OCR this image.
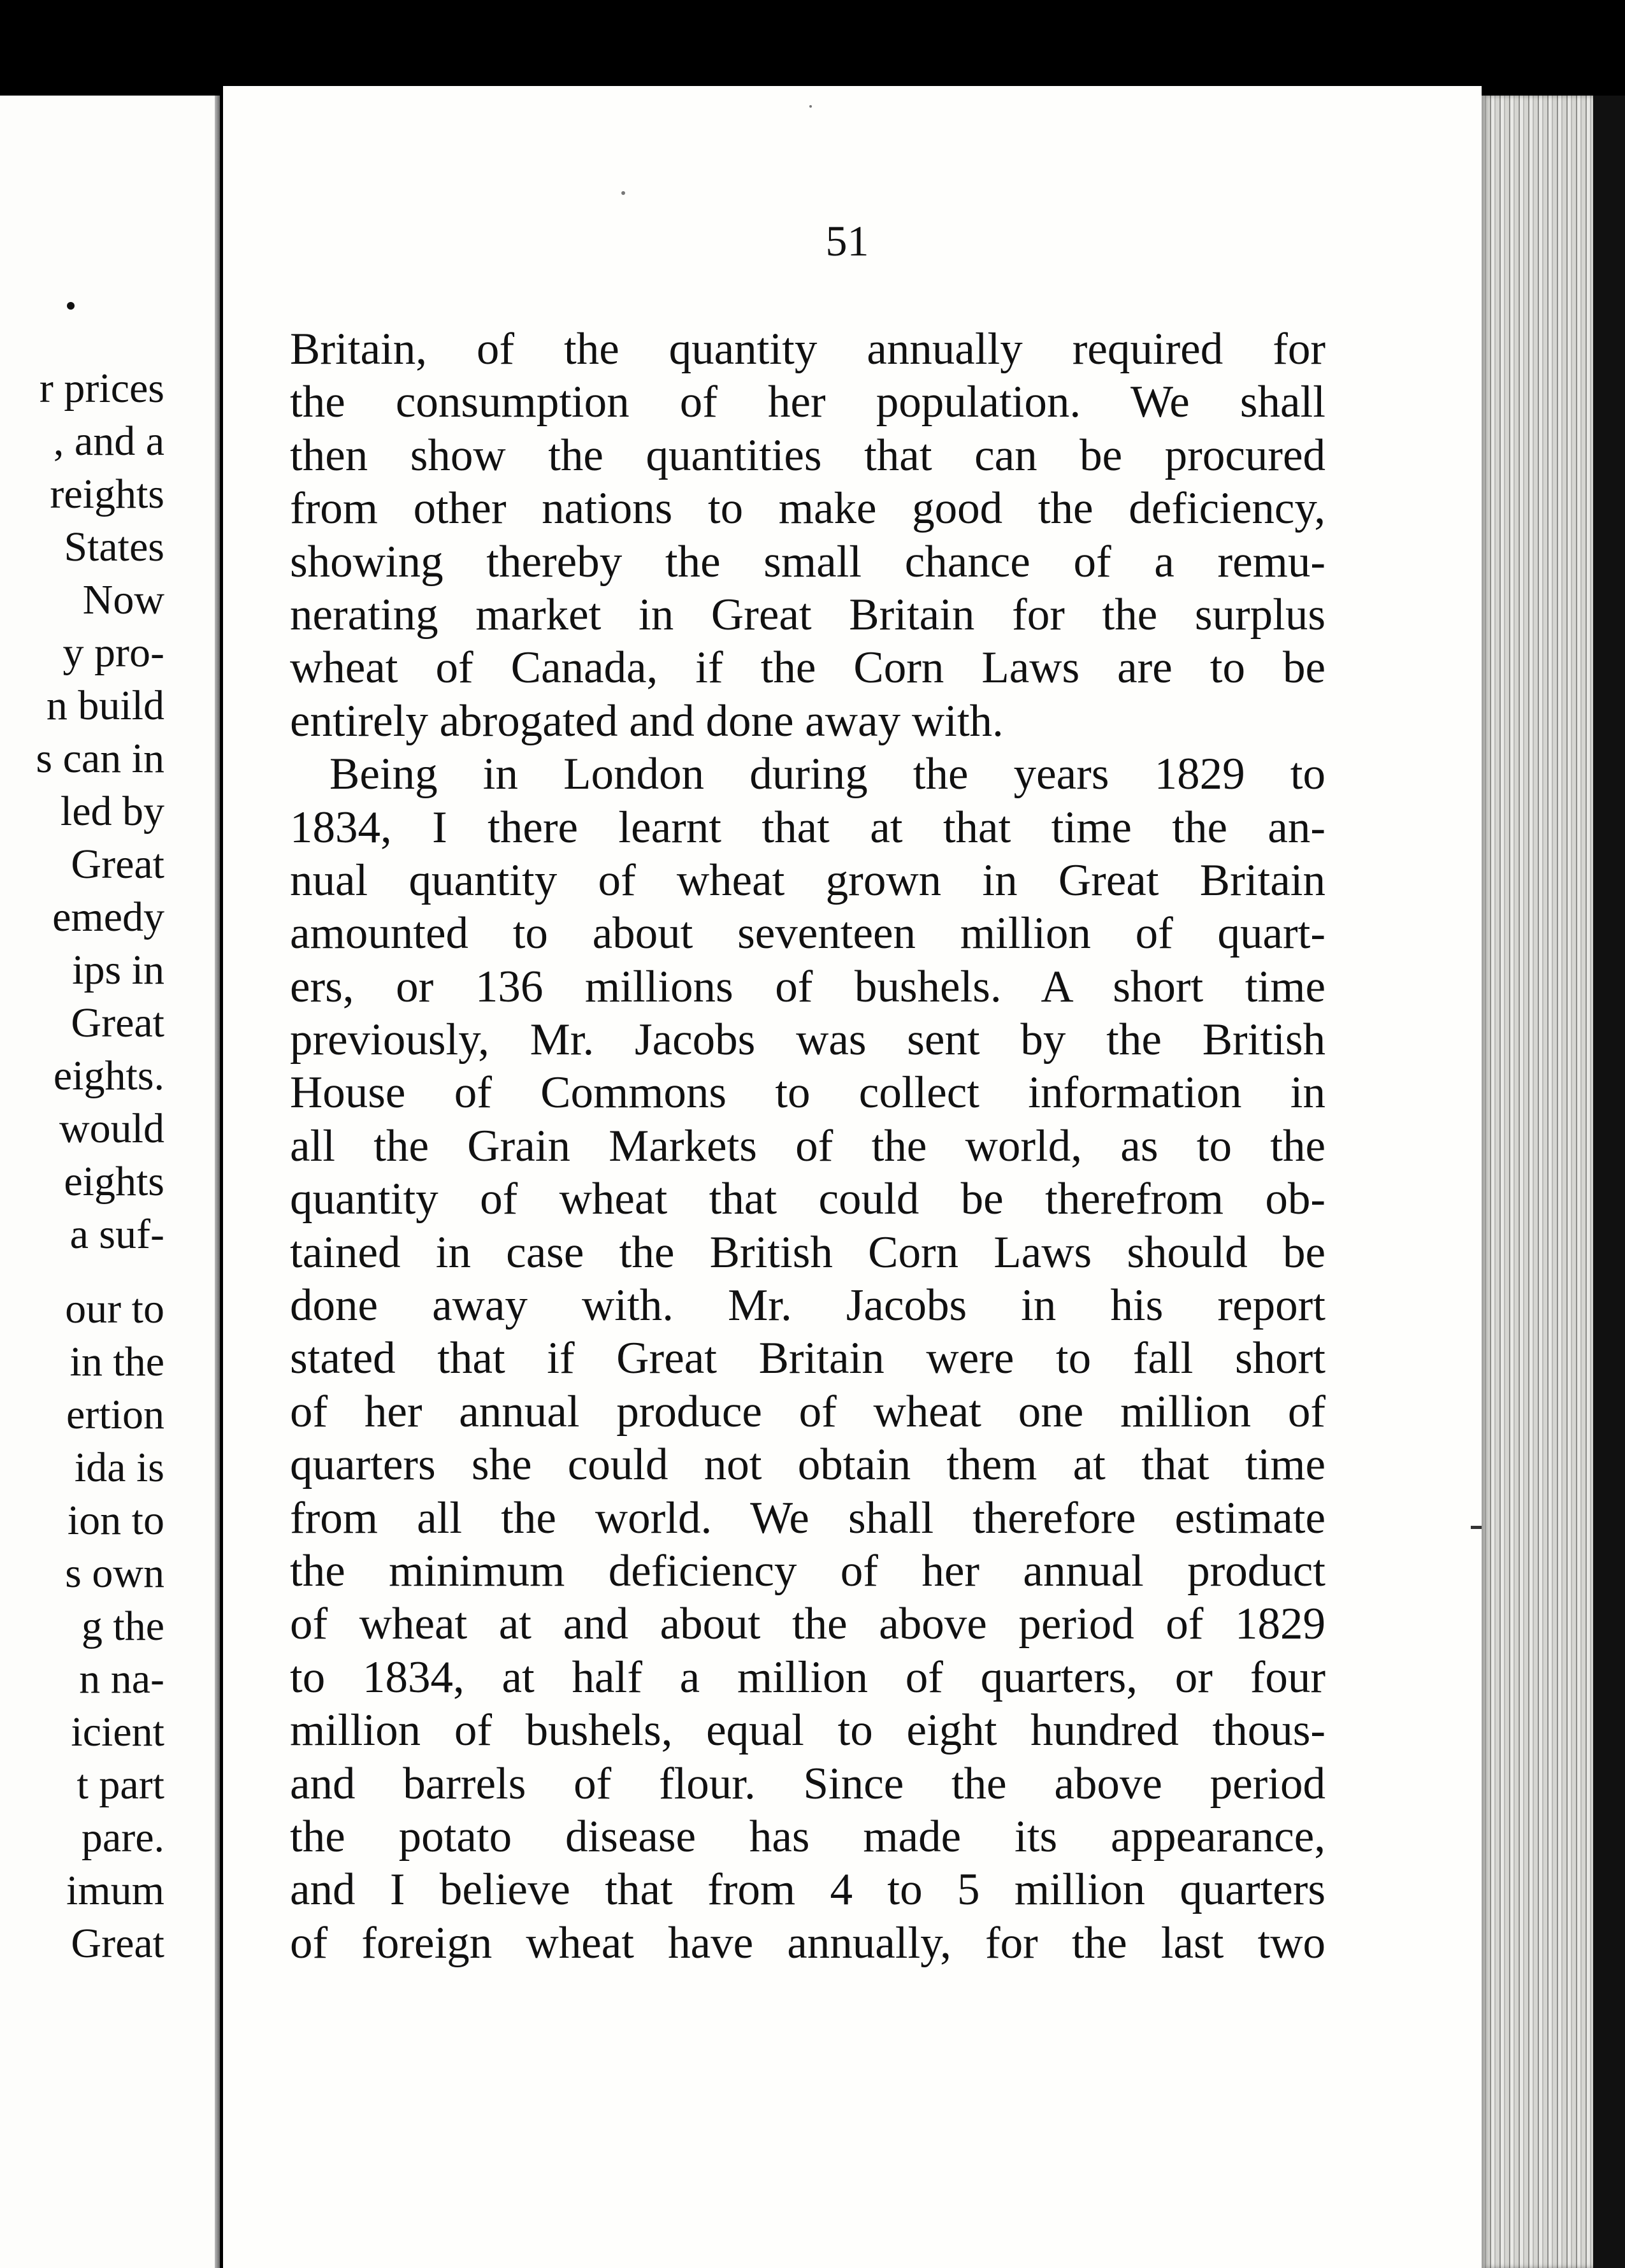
r prices
, and a
reights
States
Now
y pro-
n build
s can in
led by
Great
emedy
ips in
Great
eights.
would
eights
a suf-
our to
in the
ertion
ida is
ion to
s own
g the
n na-
icient
t part
pare.
imum
Great
51
Britain, of the quantity annually required for
the consumption of her population. We shall
then show the quantities that can be procured
from other nations to make good the deficiency,
showing thereby the small chance of a remu-
nerating market in Great Britain for the surplus
wheat of Canada, if the Corn Laws are to be
entirely abrogated and done away with.
Being in London during the years 1829 to
1834, I there learnt that at that time the an-
nual quantity of wheat grown in Great Britain
amounted to about seventeen million of quart-
ers, or 136 millions of bushels. A short time
previously, Mr. Jacobs was sent by the British
House of Commons to collect information in
all the Grain Markets of the world, as to the
quantity of wheat that could be therefrom ob-
tained in case the British Corn Laws should be
done away with. Mr. Jacobs in his report
stated that if Great Britain were to fall short
of her annual produce of wheat one million of
quarters she could not obtain them at that time
from all the world. We shall therefore estimate
the minimum deficiency of her annual product
of wheat at and about the above period of 1829
to 1834, at half a million of quarters, or four
million of bushels, equal to eight hundred thous-
and barrels of flour. Since the above period
the potato disease has made its appearance,
and I believe that from 4 to 5 million quarters
of foreign wheat have annually, for the last two
